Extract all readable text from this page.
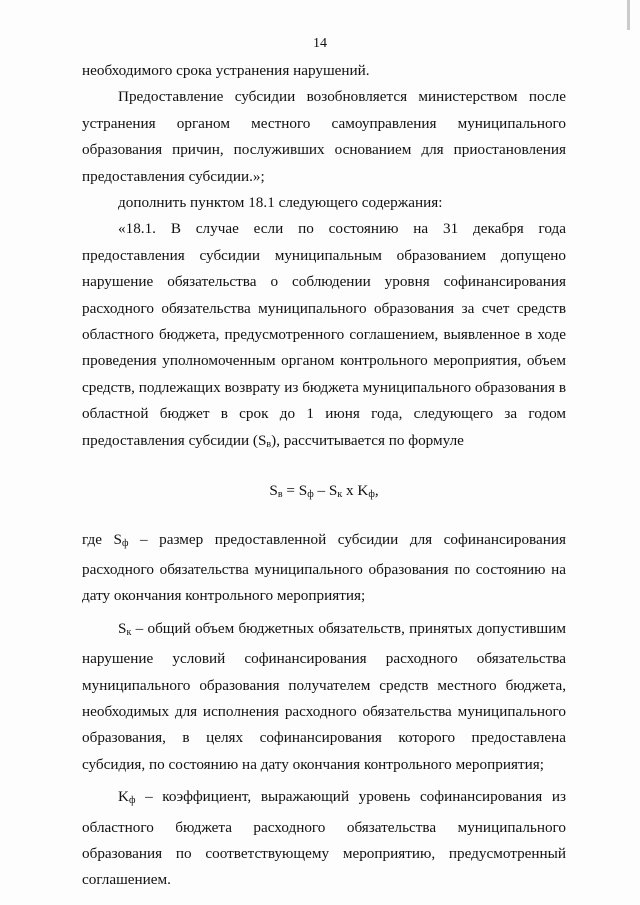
14

необходимого срока устранения нарушений.

Предоставление субсидии возобновляется министерством после устранения органом местного самоуправления муниципального образования причин, послуживших основанием для приостановления предоставления субсидии.»;

дополнить пунктом 18.1 следующего содержания:

«18.1. В случае если по состоянию на 31 декабря года предоставления субсидии муниципальным образованием допущено нарушение обязательства о соблюдении уровня софинансирования расходного обязательства муниципального образования за счет средств областного бюджета, предусмотренного соглашением, выявленное в ходе проведения уполномоченным органом контрольного мероприятия, объем средств, подлежащих возврату из бюджета муниципального образования в областной бюджет в срок до 1 июня года, следующего за годом предоставления субсидии $(S_в)$, рассчитывается по формуле

$S_в = S_ф - S_к$ x $K_ф$,

где $S_ф$ – размер предоставленной субсидии для софинансирования расходного обязательства муниципального образования по состоянию на дату окончания контрольного мероприятия;

$S_к$ – общий объем бюджетных обязательств, принятых допустившим нарушение условий софинансирования расходного обязательства муниципального образования получателем средств местного бюджета, необходимых для исполнения расходного обязательства муниципального образования, в целях софинансирования которого предоставлена субсидия, по состоянию на дату окончания контрольного мероприятия;

$K_ф$ – коэффициент, выражающий уровень софинансирования из областного бюджета расходного обязательства муниципального образования по соответствующему мероприятию, предусмотренный соглашением.
